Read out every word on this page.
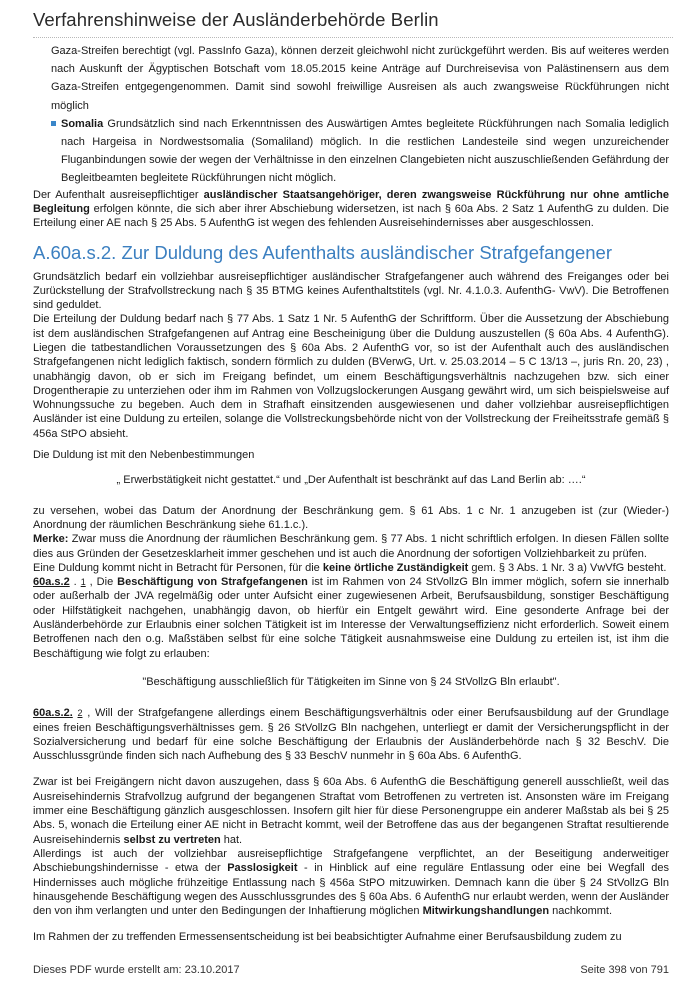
Verfahrenshinweise der Ausländerbehörde Berlin
Gaza-Streifen berechtigt (vgl. PassInfo Gaza), können derzeit gleichwohl nicht zurückgeführt werden. Bis auf weiteres werden nach Auskunft der Ägyptischen Botschaft vom 18.05.2015 keine Anträge auf Durchreisevisa von Palästinensern aus dem Gaza-Streifen entgegengenommen. Damit sind sowohl freiwillige Ausreisen als auch zwangsweise Rückführungen nicht möglich
Somalia Grundsätzlich sind nach Erkenntnissen des Auswärtigen Amtes begleitete Rückführungen nach Somalia lediglich nach Hargeisa in Nordwestsomalia (Somaliland) möglich. In die restlichen Landesteile sind wegen unzureichender Fluganbindungen sowie der wegen der Verhältnisse in den einzelnen Clangebieten nicht auszuschließenden Gefährdung der Begleitbeamten begleitete Rückführungen nicht möglich.

Der Aufenthalt ausreisepflichtiger ausländischer Staatsangehöriger, deren zwangsweise Rückführung nur ohne amtliche Begleitung erfolgen könnte, die sich aber ihrer Abschiebung widersetzen, ist nach § 60a Abs. 2 Satz 1 AufenthG zu dulden. Die Erteilung einer AE nach § 25 Abs. 5 AufenthG ist wegen des fehlenden Ausreisehindernisses aber ausgeschlossen.

A.60a.s.2. Zur Duldung des Aufenthalts ausländischer Strafgefangener

Grundsätzlich bedarf ein vollziehbar ausreisepflichtiger ausländischer Strafgefangener auch während des Freiganges oder bei Zurückstellung der Strafvollstreckung nach § 35 BTMG keines Aufenthaltstitels (vgl. Nr. 4.1.0.3. AufenthG- VwV). Die Betroffenen sind geduldet.

Die Erteilung der Duldung bedarf nach § 77 Abs. 1 Satz 1 Nr. 5 AufenthG der Schriftform. Über die Aussetzung der Abschiebung ist dem ausländischen Strafgefangenen auf Antrag eine Bescheinigung über die Duldung auszustellen (§ 60a Abs. 4 AufenthG). Liegen die tatbestandlichen Voraussetzungen des § 60a Abs. 2 AufenthG vor, so ist der Aufenthalt auch des ausländischen Strafgefangenen nicht lediglich faktisch, sondern förmlich zu dulden (BVerwG, Urt. v. 25.03.2014 – 5 C 13/13 –, juris Rn. 20, 23) , unabhängig davon, ob er sich im Freigang befindet, um einem Beschäftigungsverhältnis nachzugehen bzw. sich einer Drogentherapie zu unterziehen oder ihm im Rahmen von Vollzugslockerungen Ausgang gewährt wird, um sich beispielsweise auf Wohnungssuche zu begeben. Auch dem in Strafhaft einsitzenden ausgewiesenen und daher vollziehbar ausreisepflichtigen Ausländer ist eine Duldung zu erteilen, solange die Vollstreckungsbehörde nicht von der Vollstreckung der Freiheitsstrafe gemäß § 456a StPO absieht.

Die Duldung ist mit den Nebenbestimmungen

„ Erwerbstätigkeit nicht gestattet.“ und „Der Aufenthalt ist beschränkt auf das Land Berlin ab: ….“

zu versehen, wobei das Datum der Anordnung der Beschränkung gem. § 61 Abs. 1 c Nr. 1 anzugeben ist (zur (Wieder-) Anordnung der räumlichen Beschränkung siehe 61.1.c.).

Merke: Zwar muss die Anordnung der räumlichen Beschränkung gem. § 77 Abs. 1 nicht schriftlich erfolgen. In diesen Fällen sollte dies aus Gründen der Gesetzesklarheit immer geschehen und ist auch die Anordnung der sofortigen Vollziehbarkeit zu prüfen.

Eine Duldung kommt nicht in Betracht für Personen, für die keine örtliche Zuständigkeit gem. § 3 Abs. 1 Nr. 3 a) VwVfG besteht.

60a.s.2 . 1 , Die Beschäftigung von Strafgefangenen ist im Rahmen von 24 StVollzG Bln immer möglich, sofern sie innerhalb oder außerhalb der JVA regelmäßig oder unter Aufsicht einer zugewiesenen Arbeit, Berufsausbildung, sonstiger Beschäftigung oder Hilfstätigkeit nachgehen, unabhängig davon, ob hierfür ein Entgelt gewährt wird. Eine gesonderte Anfrage bei der Ausländerbehörde zur Erlaubnis einer solchen Tätigkeit ist im Interesse der Verwaltungseffizienz nicht erforderlich. Soweit einem Betroffenen nach den o.g. Maßstäben selbst für eine solche Tätigkeit ausnahmsweise eine Duldung zu erteilen ist, ist ihm die Beschäftigung wie folgt zu erlauben:

"Beschäftigung ausschließlich für Tätigkeiten im Sinne von § 24 StVollzG Bln erlaubt".

60a.s.2. 2 , Will der Strafgefangene allerdings einem Beschäftigungsverhältnis oder einer Berufsausbildung auf der Grundlage eines freien Beschäftigungsverhältnisses gem. § 26 StVollzG Bln nachgehen, unterliegt er damit der Versicherungspflicht in der Sozialversicherung und bedarf für eine solche Beschäftigung der Erlaubnis der Ausländerbehörde nach § 32 BeschV. Die Ausschlussgründe finden sich nach Aufhebung des § 33 BeschV nunmehr in § 60a Abs. 6 AufenthG.

Zwar ist bei Freigängern nicht davon auszugehen, dass § 60a Abs. 6 AufenthG die Beschäftigung generell ausschließt, weil das Ausreisehindernis Strafvollzug aufgrund der begangenen Straftat vom Betroffenen zu vertreten ist. Ansonsten wäre im Freigang immer eine Beschäftigung gänzlich ausgeschlossen. Insofern gilt hier für diese Personengruppe ein anderer Maßstab als bei § 25 Abs. 5, wonach die Erteilung einer AE nicht in Betracht kommt, weil der Betroffene das aus der begangenen Straftat resultierende Ausreisehindernis selbst zu vertreten hat.

Allerdings ist auch der vollziehbar ausreisepflichtige Strafgefangene verpflichtet, an der Beseitigung anderweitiger Abschiebungshindernisse - etwa der Passlosigkeit - in Hinblick auf eine reguläre Entlassung oder eine bei Wegfall des Hindernisses auch mögliche frühzeitige Entlassung nach § 456a StPO mitzuwirken. Demnach kann die über § 24 StVollzG Bln hinausgehende Beschäftigung wegen des Ausschlussgrundes des § 60a Abs. 6 AufenthG nur erlaubt werden, wenn der Ausländer den von ihm verlangten und unter den Bedingungen der Inhaftierung möglichen Mitwirkungshandlungen nachkommt.

Im Rahmen der zu treffenden Ermessensentscheidung ist bei beabsichtigter Aufnahme einer Berufsausbildung zudem zu

Dieses PDF wurde erstellt am: 23.10.2017	Seite 398 von 791
